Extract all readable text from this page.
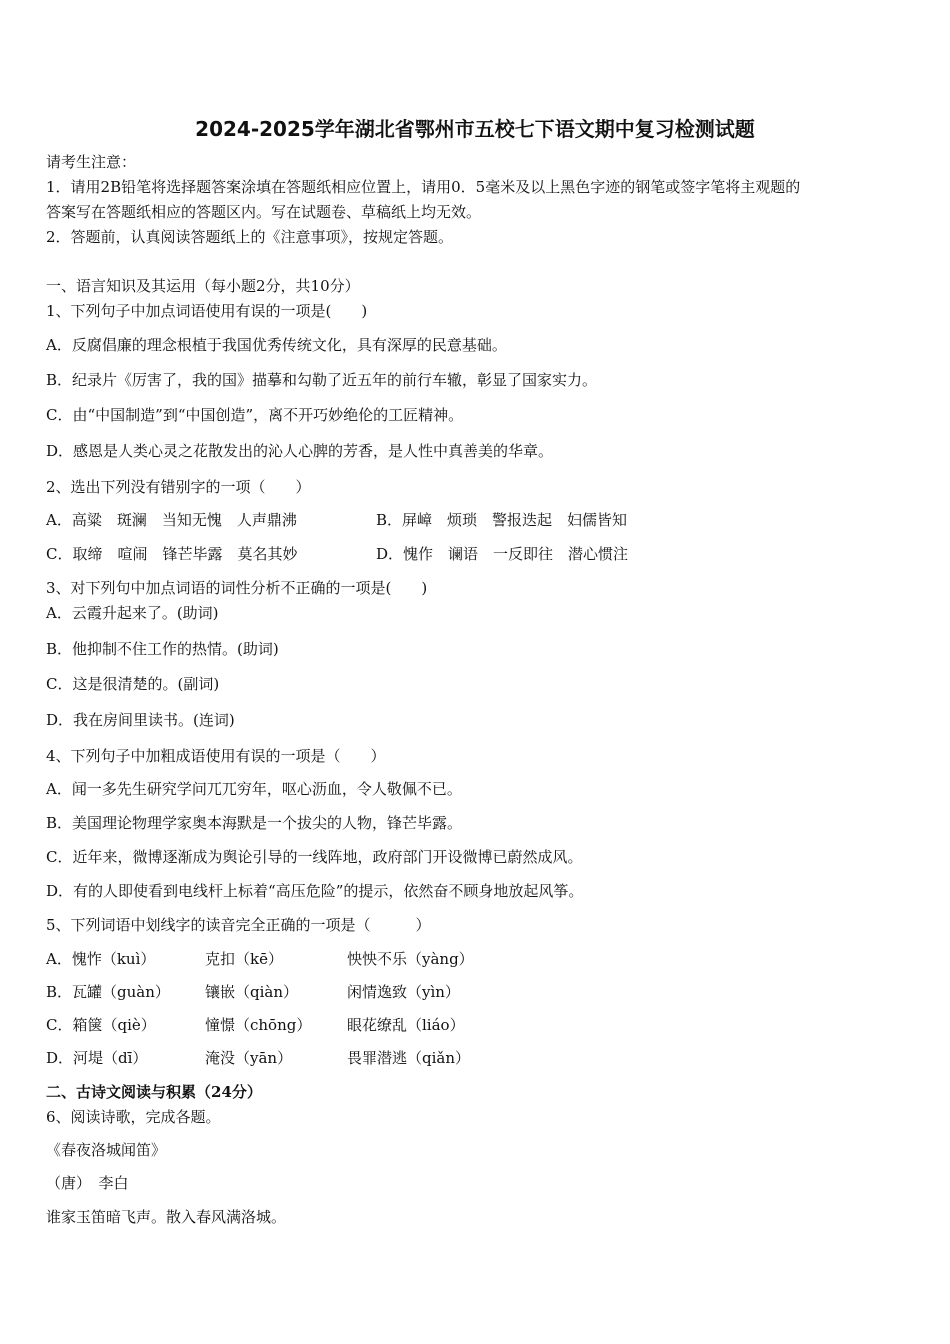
2024-2025学年湖北省鄂州市五校七下语文期中复习检测试题
请考生注意：
1．请用2B铅笔将选择题答案涂填在答题纸相应位置上，请用0．5毫米及以上黑色字迹的钢笔或签字笔将主观题的
答案写在答题纸相应的答题区内。写在试题卷、草稿纸上均无效。
2．答题前，认真阅读答题纸上的《注意事项》，按规定答题。
一、语言知识及其运用（每小题2分，共10分）
1、下列句子中加点词语使用有误的一项是(　　)
A．反腐倡廉的理念根植于我国优秀传统文化，具有深厚的民意基础。
B．纪录片《厉害了，我的国》描摹和勾勒了近五年的前行车辙，彰显了国家实力。
C．由“中国制造”到“中国创造”，离不开巧妙绝伦的工匠精神。
D．感恩是人类心灵之花散发出的沁人心脾的芳香，是人性中真善美的华章。
2、选出下列没有错别字的一项（　　）
A．高粱　斑澜　当知无愧　人声鼎沸	B．屏嶂　烦琐　警报迭起　妇儒皆知
C．取缔　喧闹　锋芒毕露　莫名其妙	D．愧作　谰语　一反即往　潜心惯注
3、对下列句中加点词语的词性分析不正确的一项是(　　)
A．云霞升起来了。(助词)
B．他抑制不住工作的热情。(助词)
C．这是很清楚的。(副词)
D．我在房间里读书。(连词)
4、下列句子中加粗成语使用有误的一项是（　　）
A．闻一多先生研究学问兀兀穷年，呕心沥血，令人敬佩不已。
B．美国理论物理学家奥本海默是一个拔尖的人物，锋芒毕露。
C．近年来，微博逐渐成为舆论引导的一线阵地，政府部门开设微博已蔚然成风。
D．有的人即使看到电线杆上标着“高压危险”的提示，依然奋不顾身地放起风筝。
5、下列词语中划线字的读音完全正确的一项是（　　　）
A．愧怍（kuì）	克扣（kē）	怏怏不乐（yàng）
B．瓦罐（guàn） 镶嵌（qiàn）	闲情逸致（yìn）
C．箱箧（qiè）	憧憬（chōng） 眼花缭乱（liáo）
D．河堤（dī）	淹没（yān）	畏罪潜逃（qiǎn）
二、古诗文阅读与积累（24分）
6、阅读诗歌，完成各题。
《春夜洛城闻笛》
（唐）　李白
谁家玉笛暗飞声。散入春风满洛城。
